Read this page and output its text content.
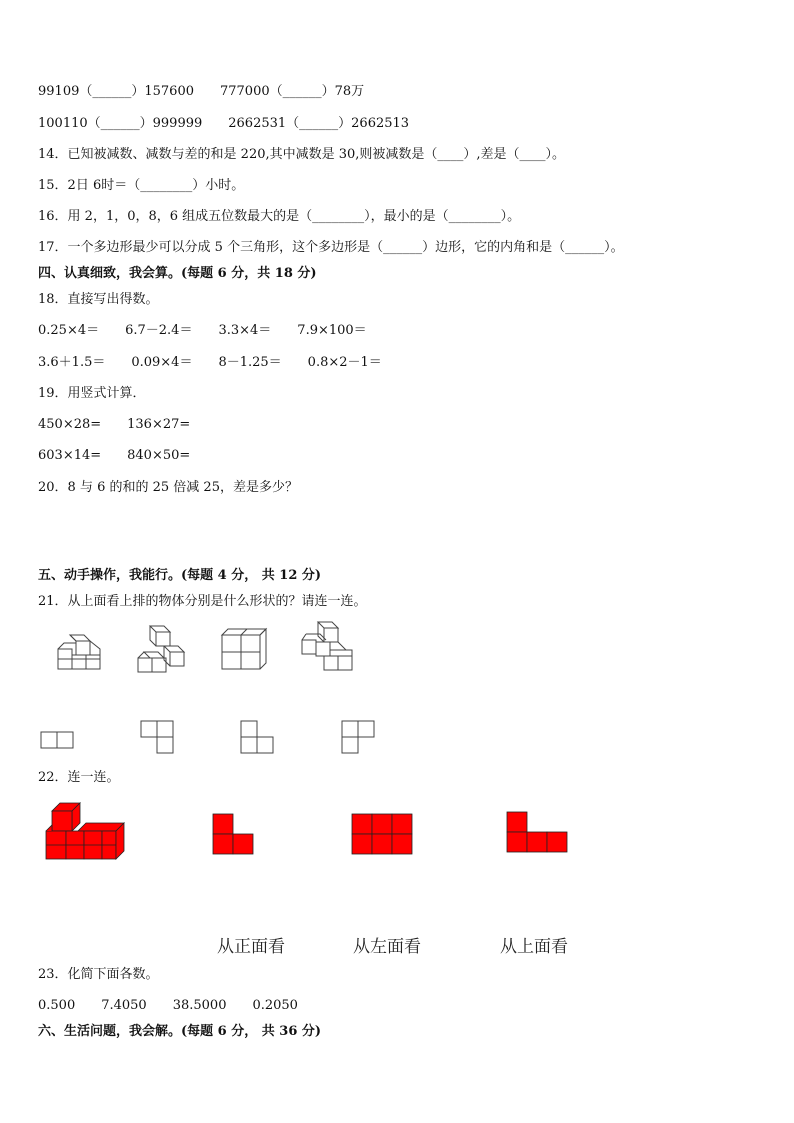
99109（______）157600　　777000（______）78万
100110（______）999999　　2662531（______）2662513
14．已知被减数、减数与差的和是 220,其中减数是 30,则被减数是（____）,差是（____）。
15．2日 6时＝（________）小时。
16．用 2，1，0，8，6 组成五位数最大的是（________），最小的是（________）。
17．一个多边形最少可以分成 5 个三角形，这个多边形是（______）边形，它的内角和是（______）。
四、认真细致，我会算。(每题 6 分，共 18 分)
18．直接写出得数。
0.25×4＝　　6.7－2.4＝　　3.3×4＝　　7.9×100＝
3.6＋1.5＝　　0.09×4＝　　8－1.25＝　　0.8×2－1＝
19．用竖式计算．
450×28=　　136×27=
603×14=　　840×50=
20．8 与 6 的和的 25 倍减 25，差是多少？
五、动手操作，我能行。(每题 4 分， 共 12 分)
21．从上面看上排的物体分别是什么形状的？请连一连。
22．连一连。
从正面看	从左面看	从上面看
23．化简下面各数。
0.500　　7.4050　　38.5000　　0.2050
六、生活问题，我会解。(每题 6 分， 共 36 分)
